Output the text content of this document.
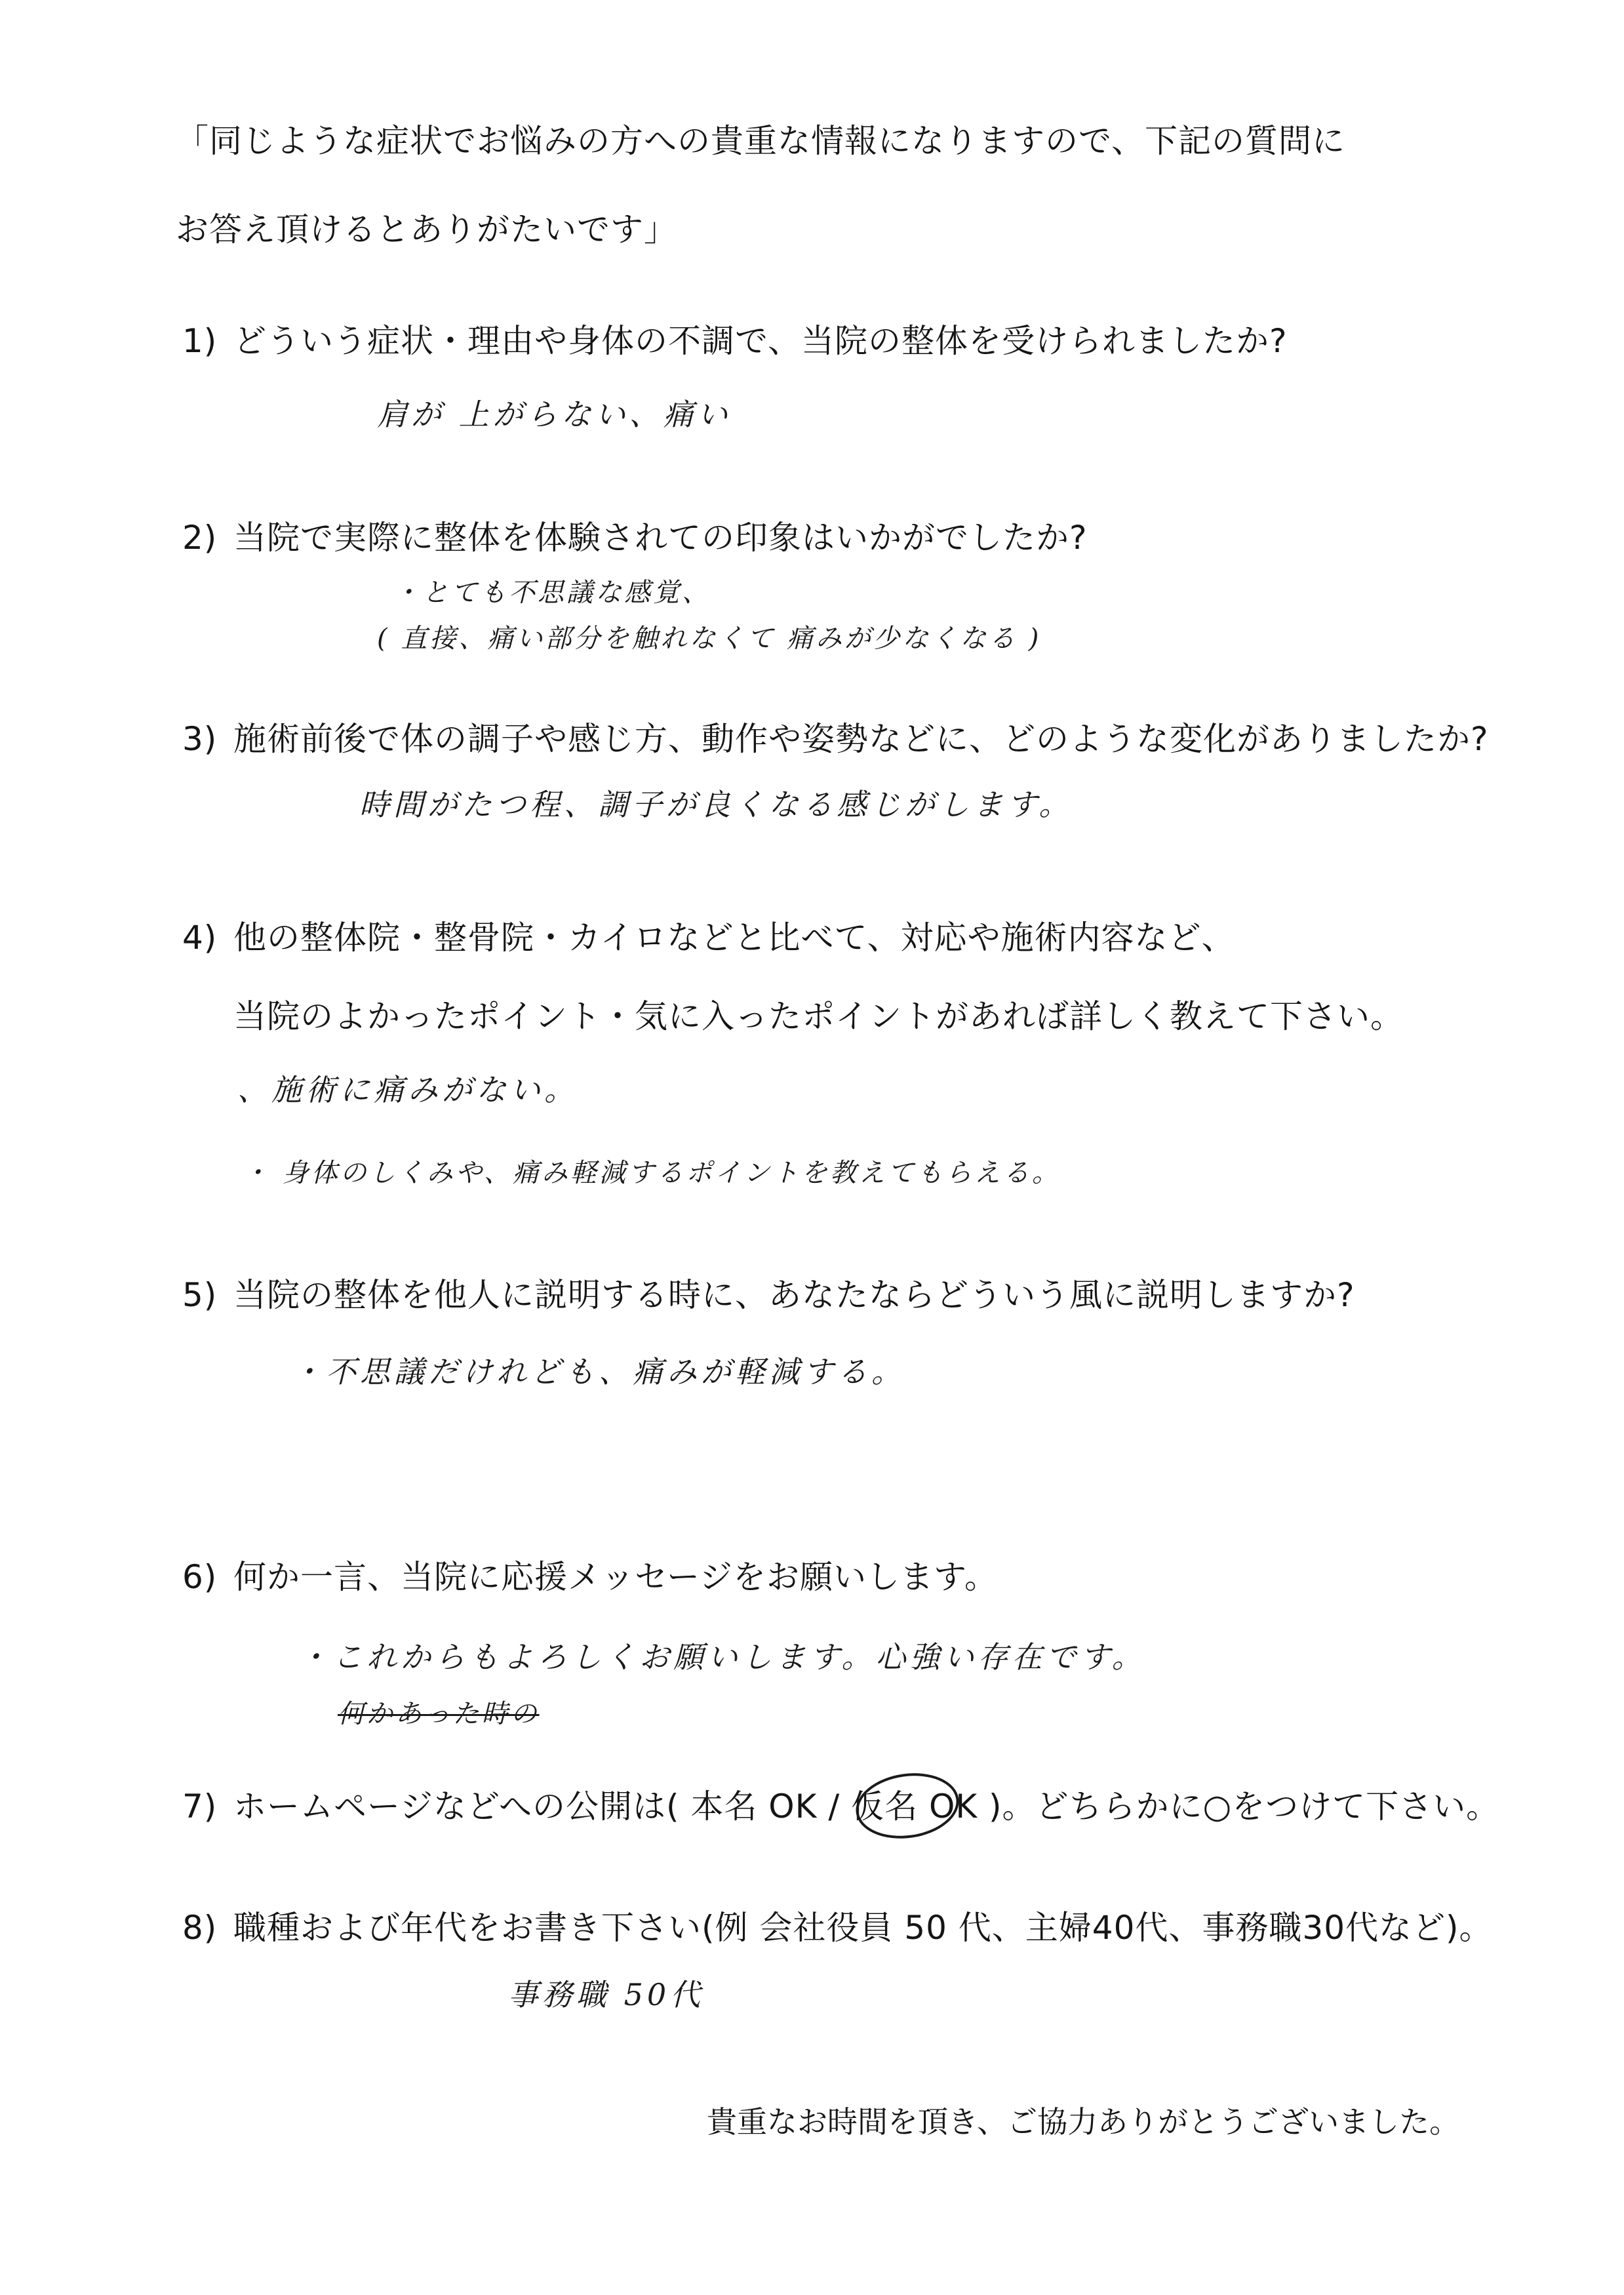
「同じような症状でお悩みの方への貴重な情報になりますので、下記の質問に
お答え頂けるとありがたいです」
1) どういう症状・理由や身体の不調で、当院の整体を受けられましたか?
肩が 上がらない、痛い
2) 当院で実際に整体を体験されての印象はいかがでしたか?
・とても不思議な感覚、
( 直接、痛い部分を触れなくて 痛みが少なくなる )
3) 施術前後で体の調子や感じ方、動作や姿勢などに、どのような変化がありましたか?
時間がたつ程、調子が良くなる感じがします。
4) 他の整体院・整骨院・カイロなどと比べて、対応や施術内容など、
当院のよかったポイント・気に入ったポイントがあれば詳しく教えて下さい。
、施術に痛みがない。
・ 身体のしくみや、痛み軽減するポイントを教えてもらえる。
5) 当院の整体を他人に説明する時に、あなたならどういう風に説明しますか?
・不思議だけれども、痛みが軽減する。
6) 何か一言、当院に応援メッセージをお願いします。
・これからもよろしくお願いします。心強い存在です。
何かあった時の
7) ホームページなどへの公開は( 本名 OK / 仮名 OK )。どちらかに○をつけて下さい。
8) 職種および年代をお書き下さい(例 会社役員 50 代、主婦40代、事務職30代など)。
事務職 50代
貴重なお時間を頂き、ご協力ありがとうございました。
